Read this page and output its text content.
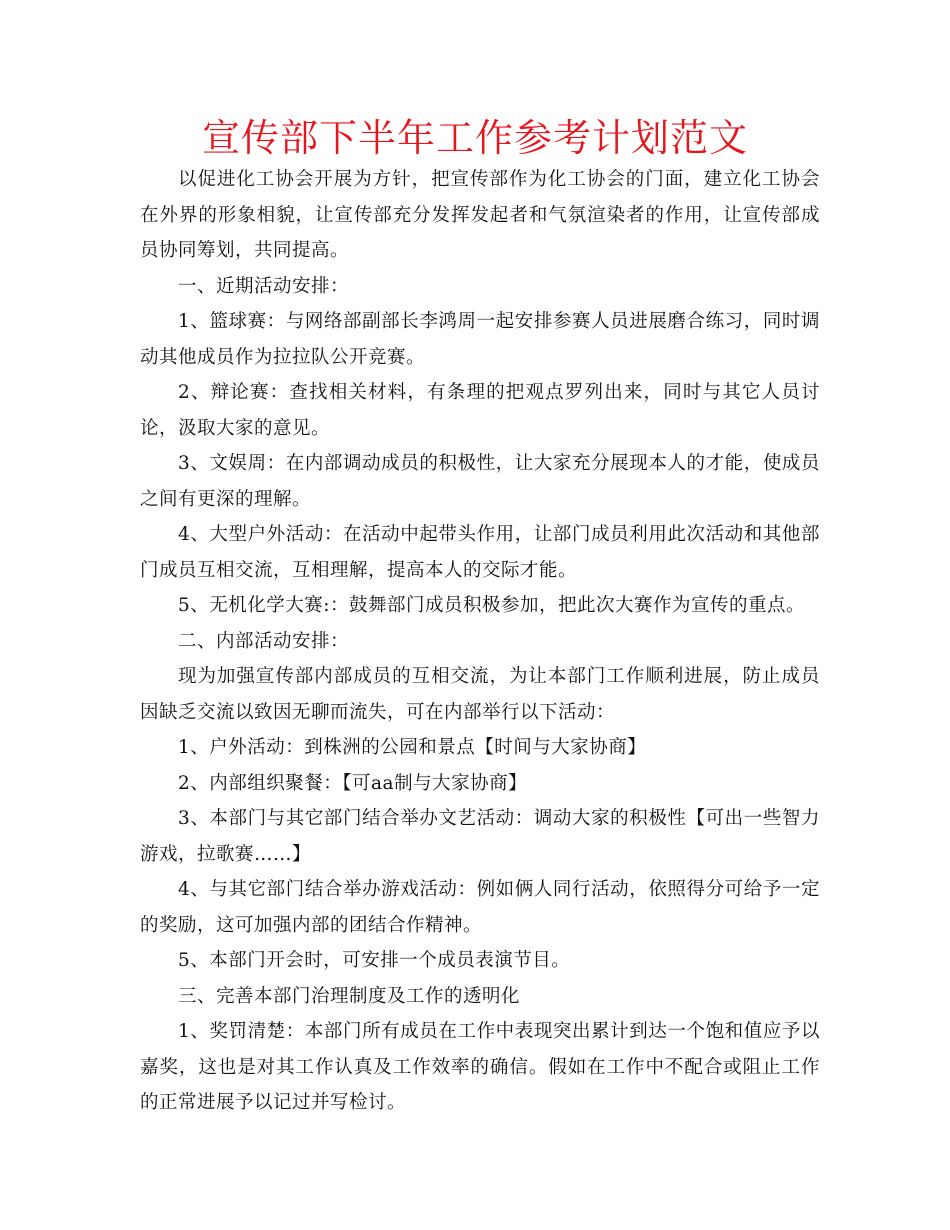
宣传部下半年工作参考计划范文

以促进化工协会开展为方针，把宣传部作为化工协会的门面，建立化工协会在外界的形象相貌，让宣传部充分发挥发起者和气氛渲染者的作用，让宣传部成员协同筹划，共同提高。

一、近期活动安排：

1、篮球赛：与网络部副部长李鸿周一起安排参赛人员进展磨合练习，同时调动其他成员作为拉拉队公开竞赛。

2、辩论赛：查找相关材料，有条理的把观点罗列出来，同时与其它人员讨论，汲取大家的意见。

3、文娱周：在内部调动成员的积极性，让大家充分展现本人的才能，使成员之间有更深的理解。

4、大型户外活动：在活动中起带头作用，让部门成员利用此次活动和其他部门成员互相交流，互相理解，提高本人的交际才能。

5、无机化学大赛:：鼓舞部门成员积极参加，把此次大赛作为宣传的重点。

二、内部活动安排：

现为加强宣传部内部成员的互相交流，为让本部门工作顺利进展，防止成员因缺乏交流以致因无聊而流失，可在内部举行以下活动：

1、户外活动：到株洲的公园和景点【时间与大家协商】

2、内部组织聚餐：【可aa制与大家协商】

3、本部门与其它部门结合举办文艺活动：调动大家的积极性【可出一些智力游戏，拉歌赛……】

4、与其它部门结合举办游戏活动：例如俩人同行活动，依照得分可给予一定的奖励，这可加强内部的团结合作精神。

5、本部门开会时，可安排一个成员表演节目。

三、完善本部门治理制度及工作的透明化

1、奖罚清楚：本部门所有成员在工作中表现突出累计到达一个饱和值应予以嘉奖，这也是对其工作认真及工作效率的确信。假如在工作中不配合或阻止工作的正常进展予以记过并写检讨。
